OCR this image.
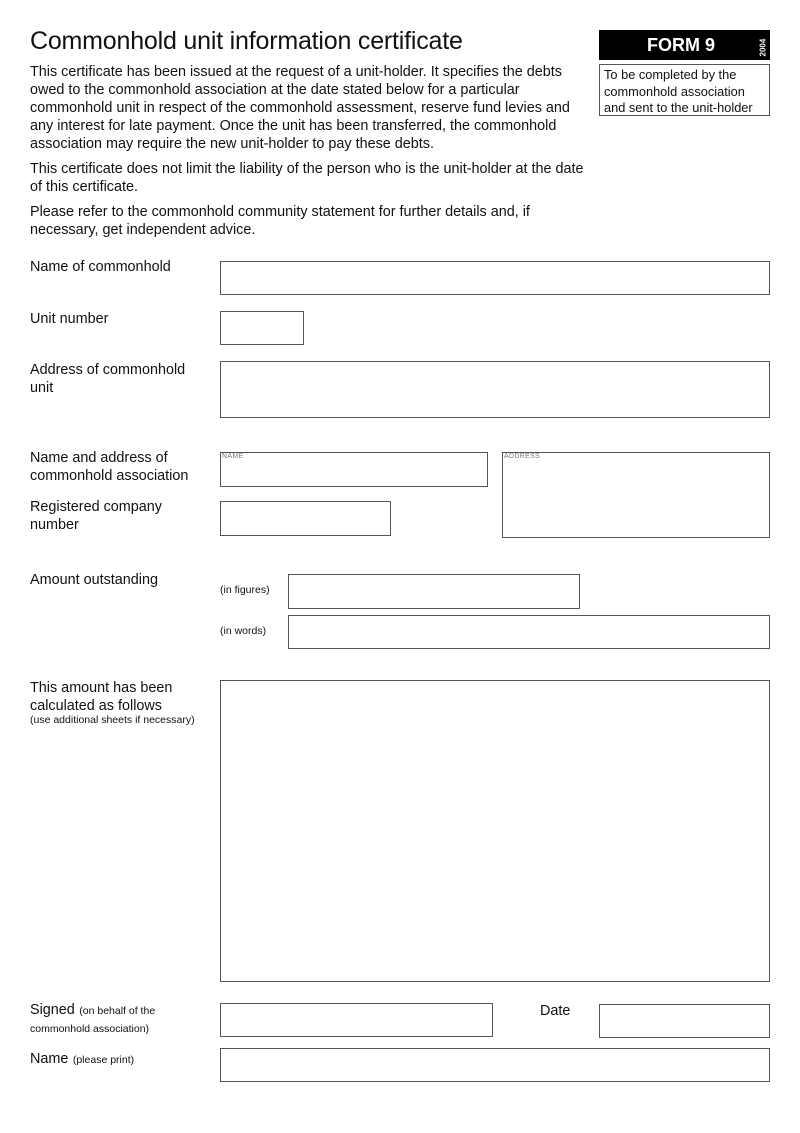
Commonhold unit information certificate	FORM 9	2004
To be completed by the commonhold association and sent to the unit-holder
This certificate has been issued at the request of a unit-holder. It specifies the debts owed to the commonhold association at the date stated below for a particular commonhold unit in respect of the commonhold assessment, reserve fund levies and any interest for late payment. Once the unit has been transferred, the commonhold association may require the new unit-holder to pay these debts.
This certificate does not limit the liability of the person who is the unit-holder at the date of this certificate.
Please refer to the commonhold community statement for further details and, if necessary, get independent advice.
Name of commonhold
Unit number
Address of commonhold unit
Name and address of commonhold association
NAME	ADDRESS
Registered company number
Amount outstanding
(in figures)
(in words)
This amount has been calculated as follows
(use additional sheets if necessary)
Signed (on behalf of the commonhold association)
Date
Name (please print)
